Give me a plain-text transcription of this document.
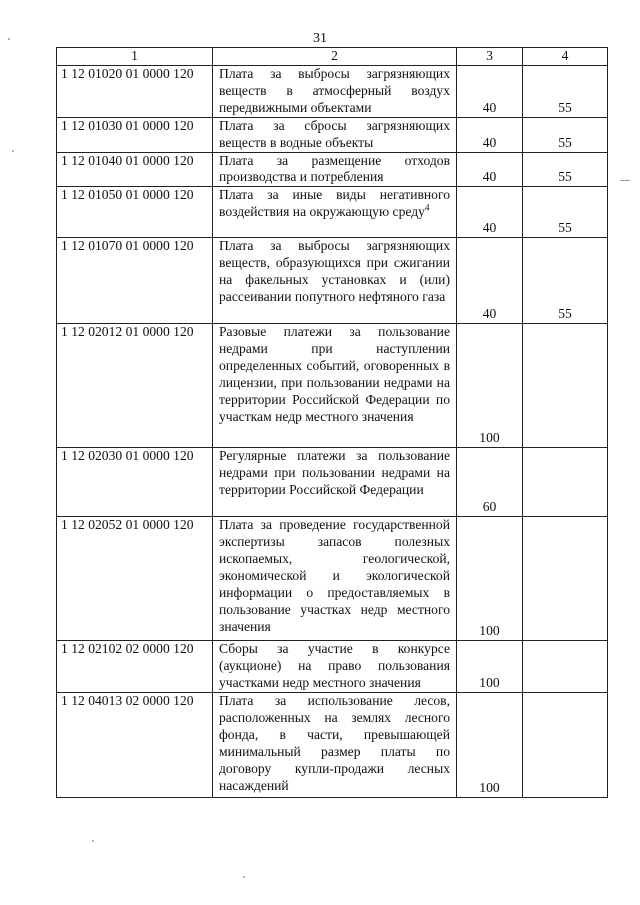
31
1	2	3	4
1 12 01020 01 0000 120	Плата за выбросы загрязняющих веществ в атмосферный воздух передвижными объектами	40	55
1 12 01030 01 0000 120	Плата за сбросы загрязняющих веществ в водные объекты	40	55
1 12 01040 01 0000 120	Плата за размещение отходов производства и потребления	40	55
1 12 01050 01 0000 120	Плата за иные виды негативного воздействия на окружающую среду$^4$	40	55
1 12 01070 01 0000 120	Плата за выбросы загрязняющих веществ, образующихся при сжигании на факельных установках и (или) рассеивании попутного нефтяного газа	40	55
1 12 02012 01 0000 120	Разовые платежи за пользование недрами при наступлении определенных событий, оговоренных в лицензии, при пользовании недрами на территории Российской Федерации по участкам недр местного значения	100	
1 12 02030 01 0000 120	Регулярные платежи за пользование недрами при пользовании недрами на территории Российской Федерации	60	
1 12 02052 01 0000 120	Плата за проведение государственной экспертизы запасов полезных ископаемых, геологической, экономической и экологической информации о предоставляемых в пользование участках недр местного значения	100	
1 12 02102 02 0000 120	Сборы за участие в конкурсе (аукционе) на право пользования участками недр местного значения	100	
1 12 04013 02 0000 120	Плата за использование лесов, расположенных на землях лесного фонда, в части, превышающей минимальный размер платы по договору купли-продажи лесных насаждений	100	
